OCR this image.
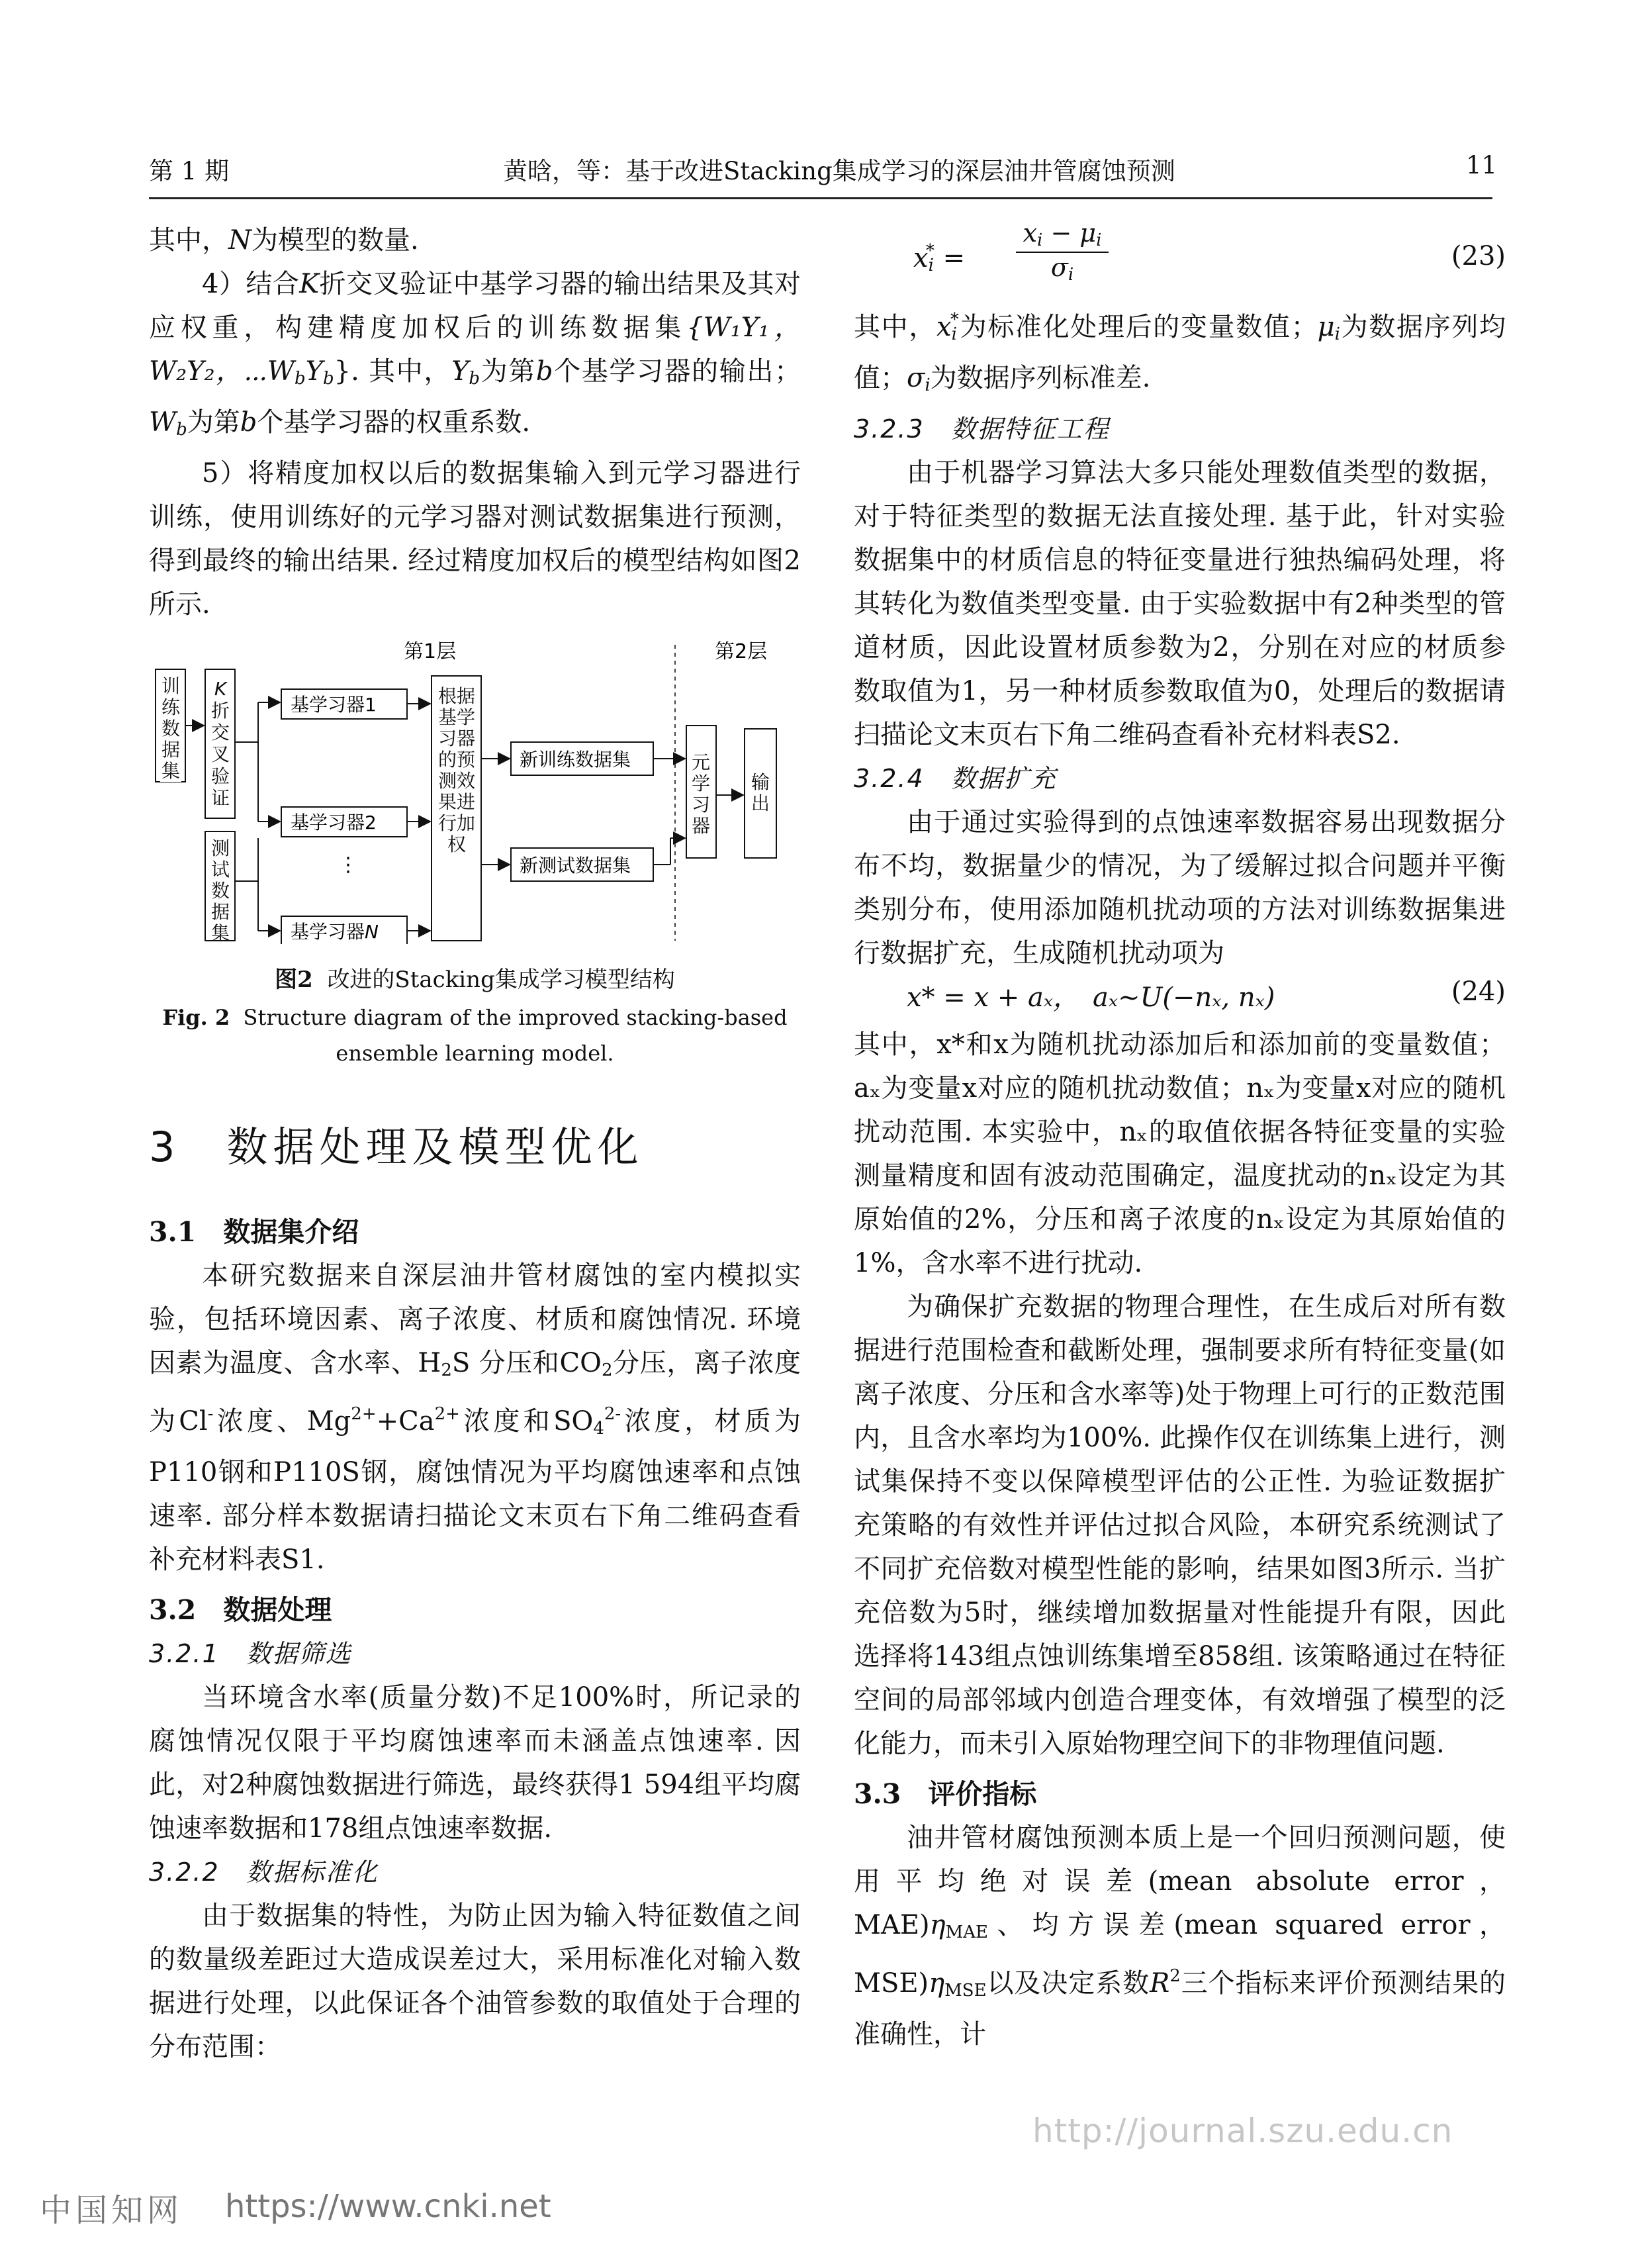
第 1 期	黄晗，等：基于改进Stacking集成学习的深层油井管腐蚀预测	11

其中，N为模型的数量.

4）结合K折交叉验证中基学习器的输出结果及其对应权重，构建精度加权后的训练数据集{W₁Y₁，W₂Y₂，$\cdots W_bY_b$}. 其中，$Y_b$为第b个基学习器的输出；$W_b$为第b个基学习器的权重系数.

5）将精度加权以后的数据集输入到元学习器进行训练，使用训练好的元学习器对测试数据集进行预测，得到最终的输出结果. 经过精度加权后的模型结构如图2所示.

第1层	第2层
基学习器1
基学习器2
基学习器N
⋮
新训练数据集
新测试数据集
K折交叉验证
训练数据集
测试数据集
根据基学习器的预测效果进行加权
元学习器
输出

图2 改进的Stacking集成学习模型结构

Fig. 2 Structure diagram of the improved stacking-based

ensemble learning model.

3　数据处理及模型优化

3.1　数据集介绍

本研究数据来自深层油井管材腐蚀的室内模拟实验，包括环境因素、离子浓度、材质和腐蚀情况. 环境因素为温度、含水率、$H_2S$ 分压和$CO_2$分压，离子浓度为Cl-浓度、$Mg^{2+}+Ca^{2+}$浓度和$SO_4^{2-}$浓度，材质为P110钢和P110S钢，腐蚀情况为平均腐蚀速率和点蚀速率. 部分样本数据请扫描论文末页右下角二维码查看补充材料表S1.

3.2　数据处理

3.2.1　数据筛选

当环境含水率(质量分数)不足100%时，所记录的腐蚀情况仅限于平均腐蚀速率而未涵盖点蚀速率. 因此，对2种腐蚀数据进行筛选，最终获得1 594组平均腐蚀速率数据和178组点蚀速率数据.

3.2.2　数据标准化

由于数据集的特性，为防止因为输入特征数值之间的数量级差距过大造成误差过大，采用标准化对输入数据进行处理，以此保证各个油管参数的取值处于合理的分布范围：

$x_i^*$ =
$x_i - \mu_i$
$\sigma_i$
(23)

其中，$x_i^*$为标准化处理后的变量数值；$\mu_i$为数据序列均值；$\sigma_i$为数据序列标准差.

3.2.3　数据特征工程

由于机器学习算法大多只能处理数值类型的数据，对于特征类型的数据无法直接处理. 基于此，针对实验数据集中的材质信息的特征变量进行独热编码处理，将其转化为数值类型变量. 由于实验数据中有2种类型的管道材质，因此设置材质参数为2，分别在对应的材质参数取值为1，另一种材质参数取值为0，处理后的数据请扫描论文末页右下角二维码查看补充材料表S2.

3.2.4　数据扩充

由于通过实验得到的点蚀速率数据容易出现数据分布不均，数据量少的情况，为了缓解过拟合问题并平衡类别分布，使用添加随机扰动项的方法对训练数据集进行数据扩充，生成随机扰动项为

x* = x + aₓ，　aₓ~U(−nₓ, nₓ)	(24)

其中，x*和x为随机扰动添加后和添加前的变量数值；aₓ为变量x对应的随机扰动数值；nₓ为变量x对应的随机扰动范围. 本实验中，nₓ的取值依据各特征变量的实验测量精度和固有波动范围确定，温度扰动的nₓ设定为其原始值的2%，分压和离子浓度的nₓ设定为其原始值的1%，含水率不进行扰动.

为确保扩充数据的物理合理性，在生成后对所有数据进行范围检查和截断处理，强制要求所有特征变量(如离子浓度、分压和含水率等)处于物理上可行的正数范围内，且含水率均为100%. 此操作仅在训练集上进行，测试集保持不变以保障模型评估的公正性. 为验证数据扩充策略的有效性并评估过拟合风险，本研究系统测试了不同扩充倍数对模型性能的影响，结果如图3所示. 当扩充倍数为5时，继续增加数据量对性能提升有限，因此选择将143组点蚀训练集增至858组. 该策略通过在特征空间的局部邻域内创造合理变体，有效增强了模型的泛化能力，而未引入原始物理空间下的非物理值问题.

3.3　评价指标

油井管材腐蚀预测本质上是一个回归预测问题，使用平均绝对误差(mean absolute error，$MAE)\eta_{MAE}$、均方误差(mean squared error，$MSE)\eta_{MSE}$以及决定系数$R^2$三个指标来评价预测结果的准确性，计

http://journal.szu.edu.cn
中国知网 https://www.cnki.net
